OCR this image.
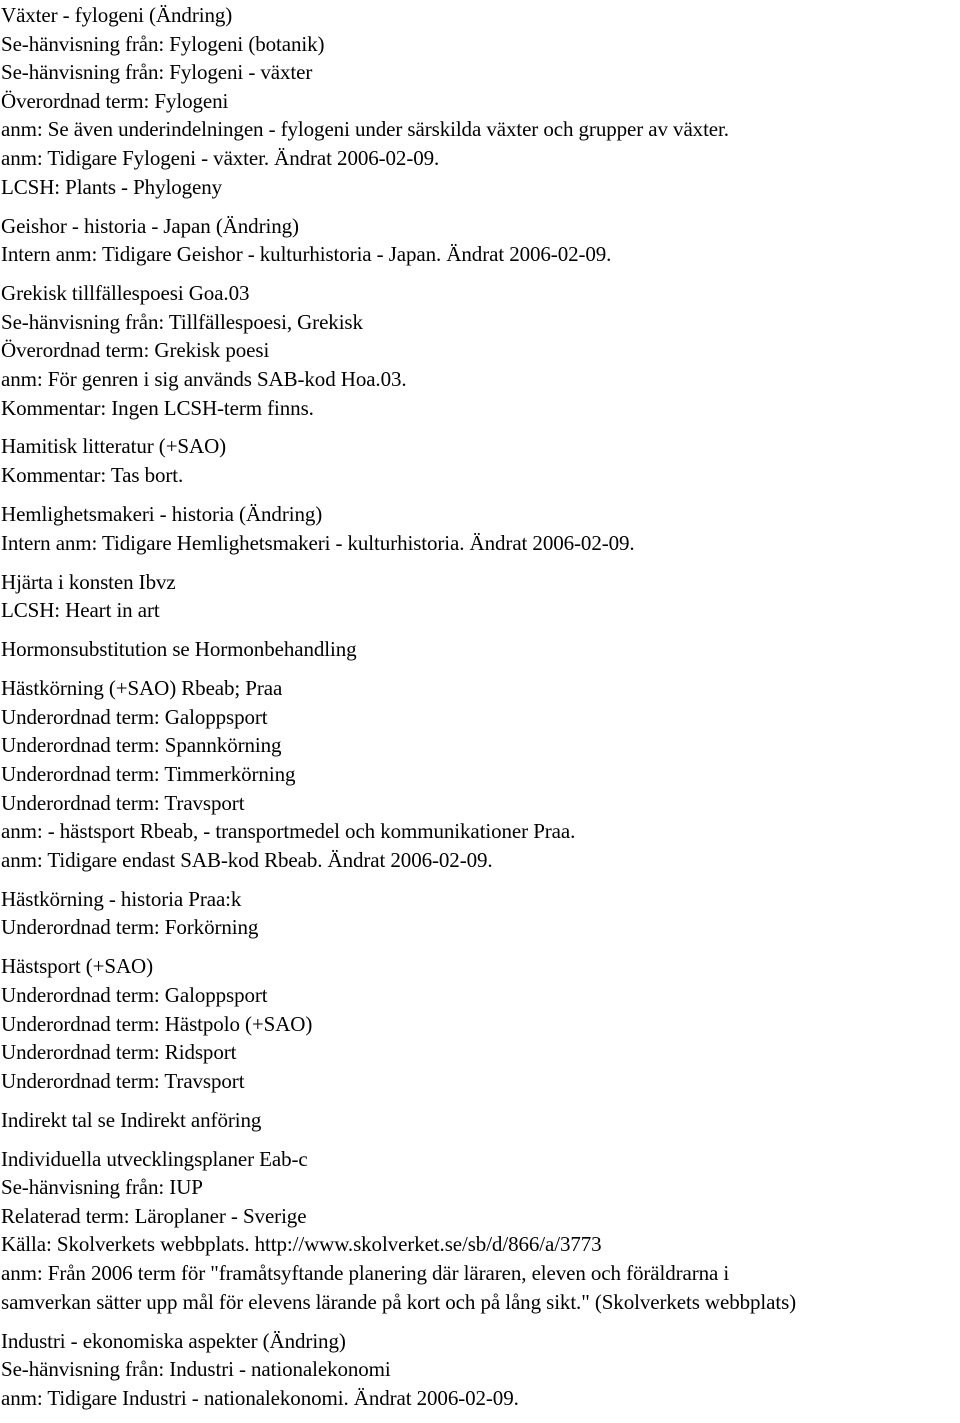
Växter - fylogeni (Ändring)
Se-hänvisning från: Fylogeni (botanik)
Se-hänvisning från: Fylogeni - växter
Överordnad term: Fylogeni
anm: Se även underindelningen - fylogeni under särskilda växter och grupper av växter.
anm: Tidigare Fylogeni - växter. Ändrat 2006-02-09.
LCSH: Plants - Phylogeny
Geishor - historia - Japan (Ändring)
Intern anm: Tidigare Geishor - kulturhistoria - Japan. Ändrat 2006-02-09.
Grekisk tillfällespoesi Goa.03
Se-hänvisning från: Tillfällespoesi, Grekisk
Överordnad term: Grekisk poesi
anm: För genren i sig används SAB-kod Hoa.03.
Kommentar: Ingen LCSH-term finns.
Hamitisk litteratur (+SAO)
Kommentar: Tas bort.
Hemlighetsmakeri - historia (Ändring)
Intern anm: Tidigare Hemlighetsmakeri - kulturhistoria. Ändrat 2006-02-09.
Hjärta i konsten Ibvz
LCSH: Heart in art
Hormonsubstitution se Hormonbehandling
Hästkörning (+SAO) Rbeab; Praa
Underordnad term: Galoppsport
Underordnad term: Spannkörning
Underordnad term: Timmerkörning
Underordnad term: Travsport
anm: - hästsport Rbeab, - transportmedel och kommunikationer Praa.
anm: Tidigare endast SAB-kod Rbeab. Ändrat 2006-02-09.
Hästkörning - historia Praa:k
Underordnad term: Forkörning
Hästsport (+SAO)
Underordnad term: Galoppsport
Underordnad term: Hästpolo (+SAO)
Underordnad term: Ridsport
Underordnad term: Travsport
Indirekt tal se Indirekt anföring
Individuella utvecklingsplaner Eab-c
Se-hänvisning från: IUP
Relaterad term: Läroplaner - Sverige
Källa: Skolverkets webbplats. http://www.skolverket.se/sb/d/866/a/3773
anm: Från 2006 term för "framåtsyftande planering där läraren, eleven och föräldrarna i
samverkan sätter upp mål för elevens lärande på kort och på lång sikt." (Skolverkets webbplats)
Industri - ekonomiska aspekter (Ändring)
Se-hänvisning från: Industri - nationalekonomi
anm: Tidigare Industri - nationalekonomi. Ändrat 2006-02-09.
